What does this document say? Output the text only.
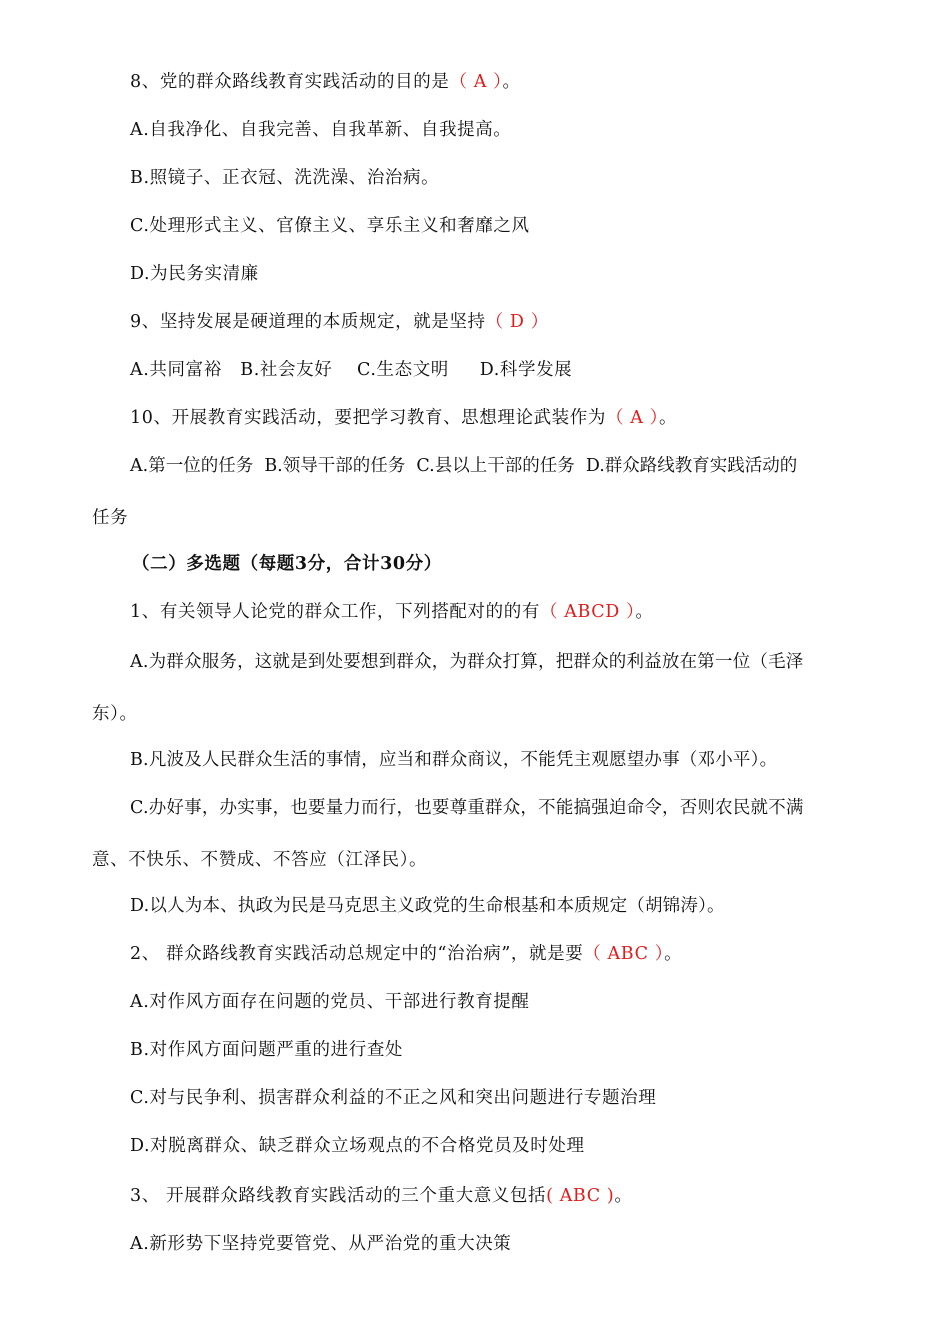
8、党的群众路线教育实践活动的目的是（ A ）。
A.自我净化、自我完善、自我革新、自我提高。
B.照镜子、正衣冠、洗洗澡、治治病。
C.处理形式主义、官僚主义、享乐主义和奢靡之风
D.为民务实清廉
9、坚持发展是硬道理的本质规定，就是坚持（ D ）
A.共同富裕   B.社会友好    C.生态文明     D.科学发展
10、开展教育实践活动，要把学习教育、思想理论武装作为（ A ）。
A.第一位的任务  B.领导干部的任务  C.县以上干部的任务  D.群众路线教育实践活动的
任务
（二）多选题（每题3分，合计30分）
1、有关领导人论党的群众工作，下列搭配对的的有（ ABCD ）。
A.为群众服务，这就是到处要想到群众，为群众打算，把群众的利益放在第一位（毛泽
东）。
B.凡波及人民群众生活的事情，应当和群众商议，不能凭主观愿望办事（邓小平）。
C.办好事，办实事，也要量力而行，也要尊重群众，不能搞强迫命令，否则农民就不满
意、不快乐、不赞成、不答应（江泽民）。
D.以人为本、执政为民是马克思主义政党的生命根基和本质规定（胡锦涛）。
2、 群众路线教育实践活动总规定中的“治治病”，就是要（ ABC ）。
A.对作风方面存在问题的党员、干部进行教育提醒
B.对作风方面问题严重的进行查处
C.对与民争利、损害群众利益的不正之风和突出问题进行专题治理
D.对脱离群众、缺乏群众立场观点的不合格党员及时处理
3、 开展群众路线教育实践活动的三个重大意义包括( ABC )。
A.新形势下坚持党要管党、从严治党的重大决策
